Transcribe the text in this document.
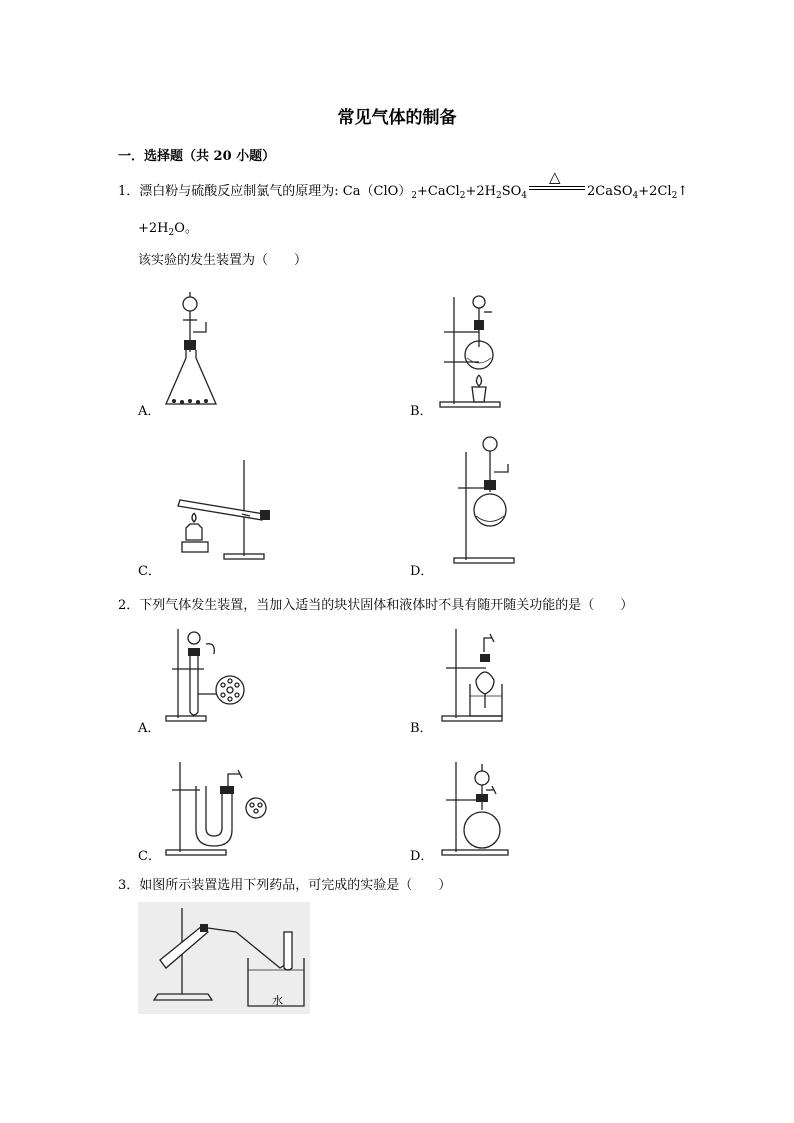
常见气体的制备
一．选择题（共 20 小题）
1．漂白粉与硫酸反应制氯气的原理为: $Ca(ClO)_2+CaCl_2+2H_2SO_4$
△
$2CaSO_4+2Cl_2↑$
$+2H_2O$。
该实验的发生装置为（　　）
A．	B．
C．	D．
2．下列气体发生装置，当加入适当的块状固体和液体时不具有随开随关功能的是（　　）
A．	B．
C．	D．
3．如图所示装置选用下列药品，可完成的实验是（　　）
水
